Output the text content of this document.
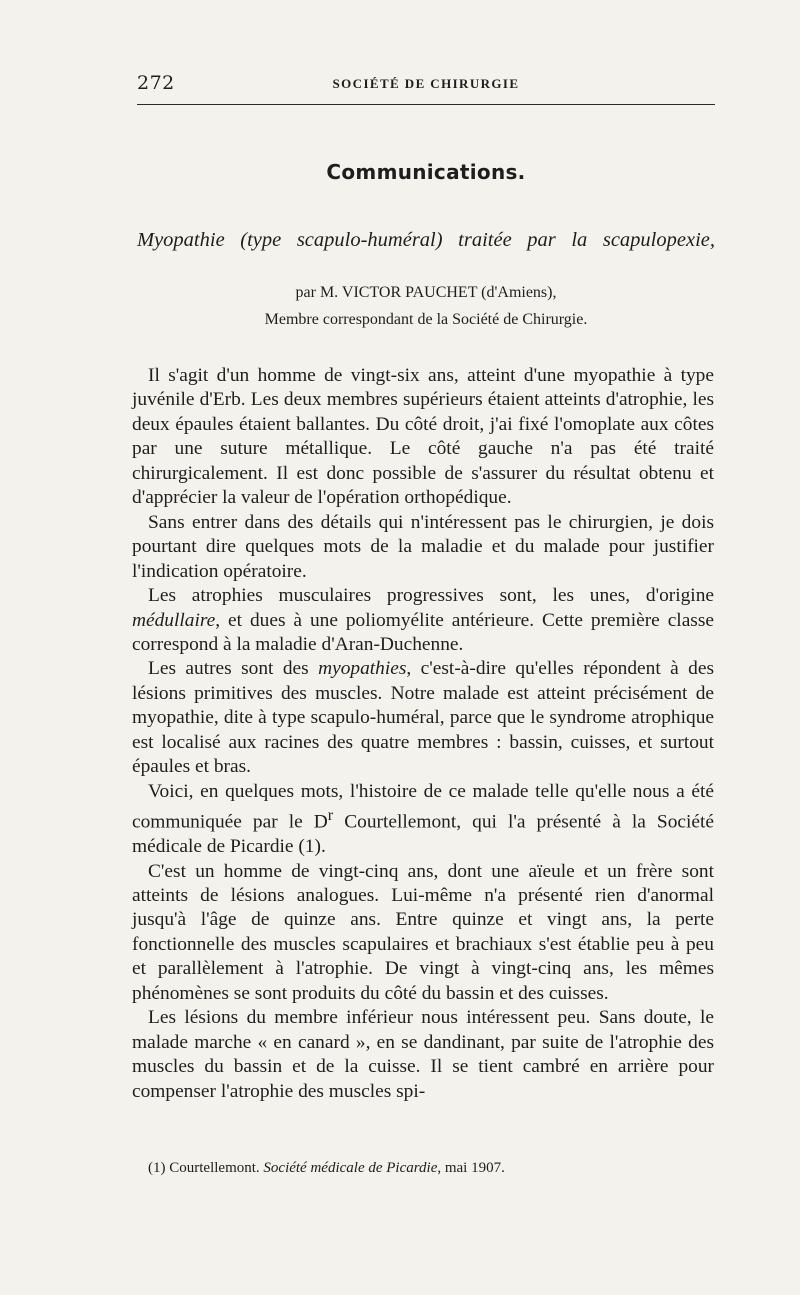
272	SOCIÉTÉ DE CHIRURGIE
Communications.
Myopathie (type scapulo-huméral) traitée par la scapulopexie,
par M. VICTOR PAUCHET (d'Amiens),
Membre correspondant de la Société de Chirurgie.

Il s'agit d'un homme de vingt-six ans, atteint d'une myopathie à type juvénile d'Erb. Les deux membres supérieurs étaient atteints d'atrophie, les deux épaules étaient ballantes. Du côté droit, j'ai fixé l'omoplate aux côtes par une suture métallique. Le côté gauche n'a pas été traité chirurgicalement. Il est donc possible de s'assurer du résultat obtenu et d'apprécier la valeur de l'opération orthopédique.

Sans entrer dans des détails qui n'intéressent pas le chirurgien, je dois pourtant dire quelques mots de la maladie et du malade pour justifier l'indication opératoire.

Les atrophies musculaires progressives sont, les unes, d'origine médullaire, et dues à une poliomyélite antérieure. Cette première classe correspond à la maladie d'Aran-Duchenne.

Les autres sont des myopathies, c'est-à-dire qu'elles répondent à des lésions primitives des muscles. Notre malade est atteint précisément de myopathie, dite à type scapulo-huméral, parce que le syndrome atrophique est localisé aux racines des quatre membres : bassin, cuisses, et surtout épaules et bras.

Voici, en quelques mots, l'histoire de ce malade telle qu'elle nous a été communiquée par le $D^r$ Courtellemont, qui l'a présenté à la Société médicale de Picardie (1).

C'est un homme de vingt-cinq ans, dont une aïeule et un frère sont atteints de lésions analogues. Lui-même n'a présenté rien d'anormal jusqu'à l'âge de quinze ans. Entre quinze et vingt ans, la perte fonctionnelle des muscles scapulaires et brachiaux s'est établie peu à peu et parallèlement à l'atrophie. De vingt à vingt-cinq ans, les mêmes phénomènes se sont produits du côté du bassin et des cuisses.

Les lésions du membre inférieur nous intéressent peu. Sans doute, le malade marche « en canard », en se dandinant, par suite de l'atrophie des muscles du bassin et de la cuisse. Il se tient cambré en arrière pour compenser l'atrophie des muscles spi-

(1) Courtellemont. Société médicale de Picardie, mai 1907.
